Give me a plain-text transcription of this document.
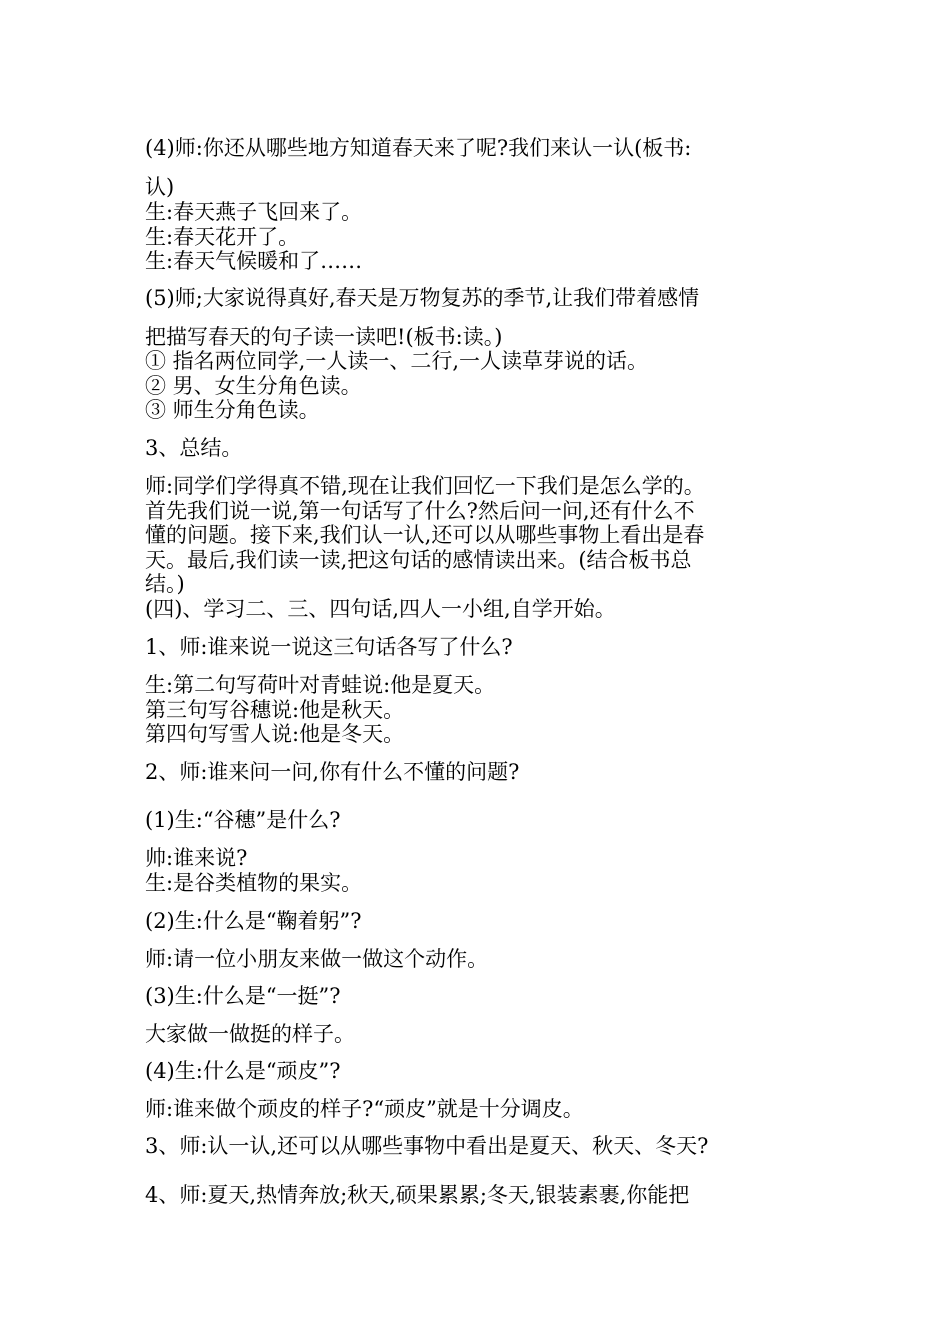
(4)师:你还从哪些地方知道春天来了呢?我们来认一认(板书:
认)
生:春天燕子飞回来了。
生:春天花开了。
生:春天气候暖和了……
(5)师;大家说得真好,春天是万物复苏的季节,让我们带着感情
把描写春天的句子读一读吧!(板书:读。)
① 指名两位同学,一人读一、二行,一人读草芽说的话。
② 男、女生分角色读。
③ 师生分角色读。
3、总结。
师:同学们学得真不错,现在让我们回忆一下我们是怎么学的。
首先我们说一说,第一句话写了什么?然后问一问,还有什么不
懂的问题。接下来,我们认一认,还可以从哪些事物上看出是春
天。最后,我们读一读,把这句话的感情读出来。(结合板书总
结。)
(四)、学习二、三、四句话,四人一小组,自学开始。
1、师:谁来说一说这三句话各写了什么?
生:第二句写荷叶对青蛙说:他是夏天。
第三句写谷穗说:他是秋天。
第四句写雪人说:他是冬天。
2、师:谁来问一问,你有什么不懂的问题?
(1)生:“谷穗”是什么?
帅:谁来说?
生:是谷类植物的果实。
(2)生:什么是“鞠着躬”?
师:请一位小朋友来做一做这个动作。
(3)生:什么是“一挺”?
大家做一做挺的样子。
(4)生:什么是“顽皮”?
师:谁来做个顽皮的样子?“顽皮”就是十分调皮。
3、师:认一认,还可以从哪些事物中看出是夏天、秋天、冬天?
4、师:夏天,热情奔放;秋天,硕果累累;冬天,银装素裹,你能把
